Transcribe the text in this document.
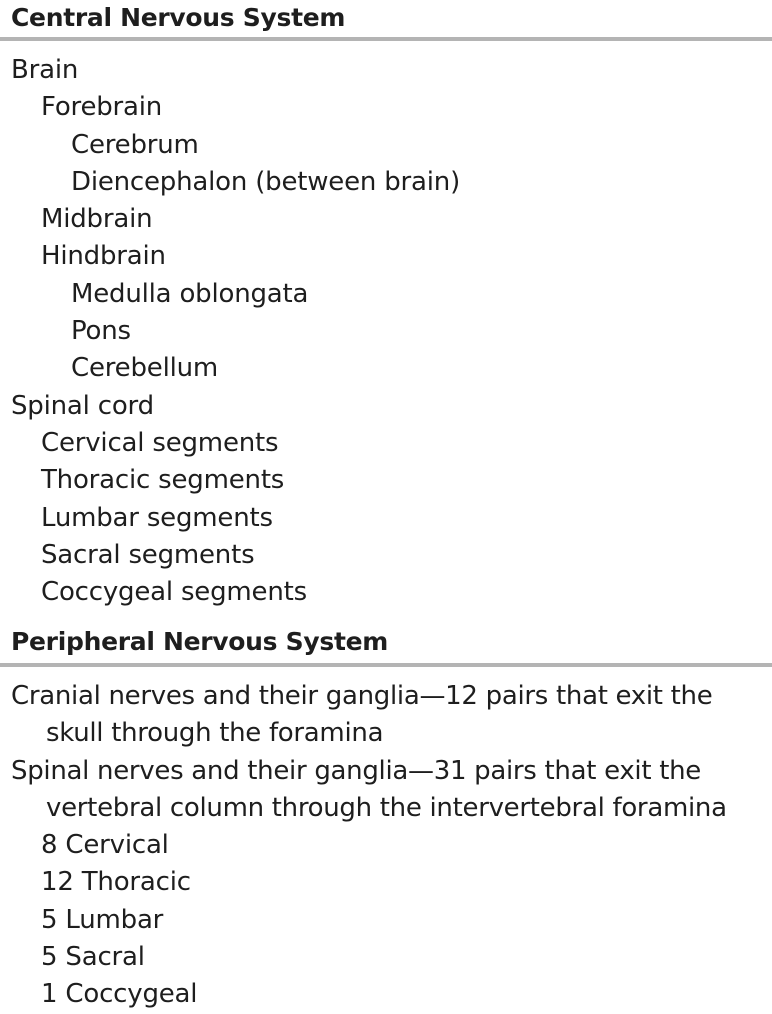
Central Nervous System
Brain
Forebrain
Cerebrum
Diencephalon (between brain)
Midbrain
Hindbrain
Medulla oblongata
Pons
Cerebellum
Spinal cord
Cervical segments
Thoracic segments
Lumbar segments
Sacral segments
Coccygeal segments
Peripheral Nervous System
Cranial nerves and their ganglia—12 pairs that exit the skull through the foramina
Spinal nerves and their ganglia—31 pairs that exit the vertebral column through the intervertebral foramina
8 Cervical
12 Thoracic
5 Lumbar
5 Sacral
1 Coccygeal
